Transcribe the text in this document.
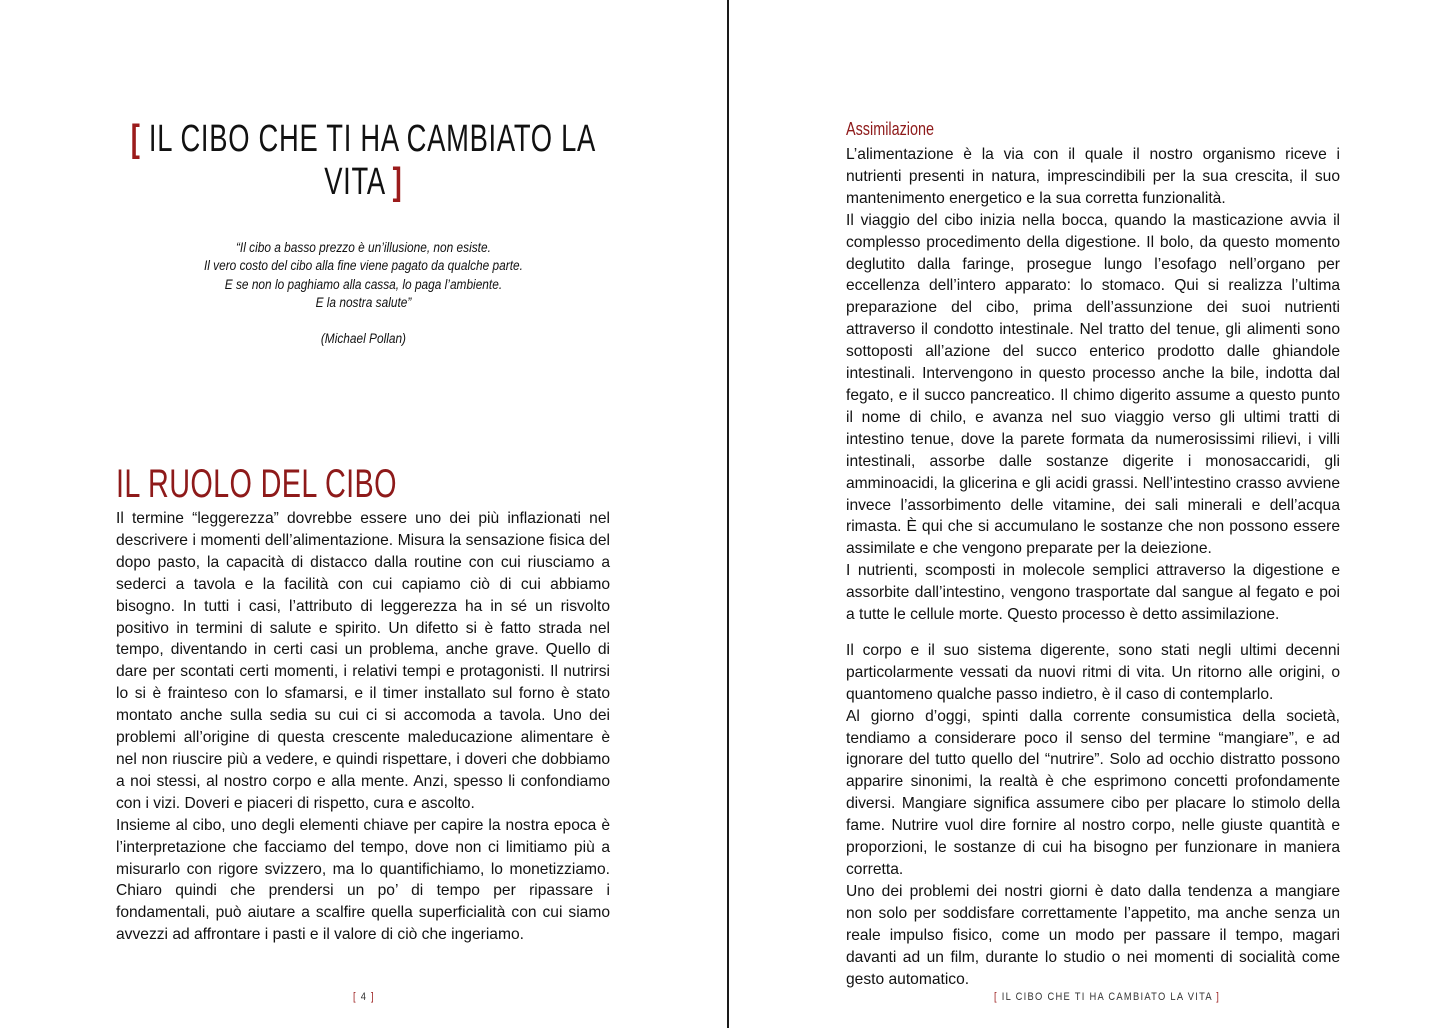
[ IL CIBO CHE TI HA CAMBIATO LA VITA ]
“Il cibo a basso prezzo è un’illusione, non esiste.
Il vero costo del cibo alla fine viene pagato da qualche parte.
E se non lo paghiamo alla cassa, lo paga l’ambiente.
E la nostra salute”
(Michael Pollan)
IL RUOLO DEL CIBO

Il termine “leggerezza” dovrebbe essere uno dei più inflazionati nel descrivere i momenti dell’alimentazione. Misura la sensazione fisica del dopo pasto, la capacità di distacco dalla routine con cui riusciamo a sederci a tavola e la facilità con cui capiamo ciò di cui abbiamo bisogno. In tutti i casi, l’attributo di leggerezza ha in sé un risvolto positivo in termini di salute e spirito. Un difetto si è fatto strada nel tempo, diventando in certi casi un problema, anche grave. Quello di dare per scontati certi momenti, i relativi tempi e protagonisti. Il nutrirsi lo si è frainteso con lo sfamarsi, e il timer installato sul forno è stato montato anche sulla sedia su cui ci si accomoda a tavola. Uno dei problemi all’origine di questa crescente maleducazione alimentare è nel non riuscire più a vedere, e quindi rispettare, i doveri che dobbiamo a noi stessi, al nostro corpo e alla mente. Anzi, spesso li confondiamo con i vizi. Doveri e piaceri di rispetto, cura e ascolto.

Insieme al cibo, uno degli elementi chiave per capire la nostra epoca è l’interpretazione che facciamo del tempo, dove non ci limitiamo più a misurarlo con rigore svizzero, ma lo quantifichiamo, lo monetizziamo. Chiaro quindi che prendersi un po’ di tempo per ripassare i fondamentali, può aiutare a scalfire quella superficialità con cui siamo avvezzi ad affrontare i pasti e il valore di ciò che ingeriamo.

[ 4 ]
Assimilazione

L’alimentazione è la via con il quale il nostro organismo riceve i nutrienti presenti in natura, imprescindibili per la sua crescita, il suo mantenimento energetico e la sua corretta funzionalità.

Il viaggio del cibo inizia nella bocca, quando la masticazione avvia il complesso procedimento della digestione. Il bolo, da questo momento deglutito dalla faringe, prosegue lungo l’esofago nell’organo per eccellenza dell’intero apparato: lo stomaco. Qui si realizza l’ultima preparazione del cibo, prima dell’assunzione dei suoi nutrienti attraverso il condotto intestinale. Nel tratto del tenue, gli alimenti sono sottoposti all’azione del succo enterico prodotto dalle ghiandole intestinali. Intervengono in questo processo anche la bile, indotta dal fegato, e il succo pancreatico. Il chimo digerito assume a questo punto il nome di chilo, e avanza nel suo viaggio verso gli ultimi tratti di intestino tenue, dove la parete formata da numerosissimi rilievi, i villi intestinali, assorbe dalle sostanze digerite i monosaccaridi, gli amminoacidi, la glicerina e gli acidi grassi. Nell’intestino crasso avviene invece l’assorbimento delle vitamine, dei sali minerali e dell’acqua rimasta. È qui che si accumulano le sostanze che non possono essere assimilate e che vengono preparate per la deiezione.

I nutrienti, scomposti in molecole semplici attraverso la digestione e assorbite dall’intestino, vengono trasportate dal sangue al fegato e poi a tutte le cellule morte. Questo processo è detto assimilazione.

Il corpo e il suo sistema digerente, sono stati negli ultimi decenni particolarmente vessati da nuovi ritmi di vita. Un ritorno alle origini, o quantomeno qualche passo indietro, è il caso di contemplarlo.

Al giorno d’oggi, spinti dalla corrente consumistica della società, tendiamo a considerare poco il senso del termine “mangiare”, e ad ignorare del tutto quello del “nutrire”. Solo ad occhio distratto possono apparire sinonimi, la realtà è che esprimono concetti profondamente diversi. Mangiare significa assumere cibo per placare lo stimolo della fame. Nutrire vuol dire fornire al nostro corpo, nelle giuste quantità e proporzioni, le sostanze di cui ha bisogno per funzionare in maniera corretta.

Uno dei problemi dei nostri giorni è dato dalla tendenza a mangiare non solo per soddisfare correttamente l’appetito, ma anche senza un reale impulso fisico, come un modo per passare il tempo, magari davanti ad un film, durante lo studio o nei momenti di socialità come gesto automatico.

[ IL CIBO CHE TI HA CAMBIATO LA VITA ]
